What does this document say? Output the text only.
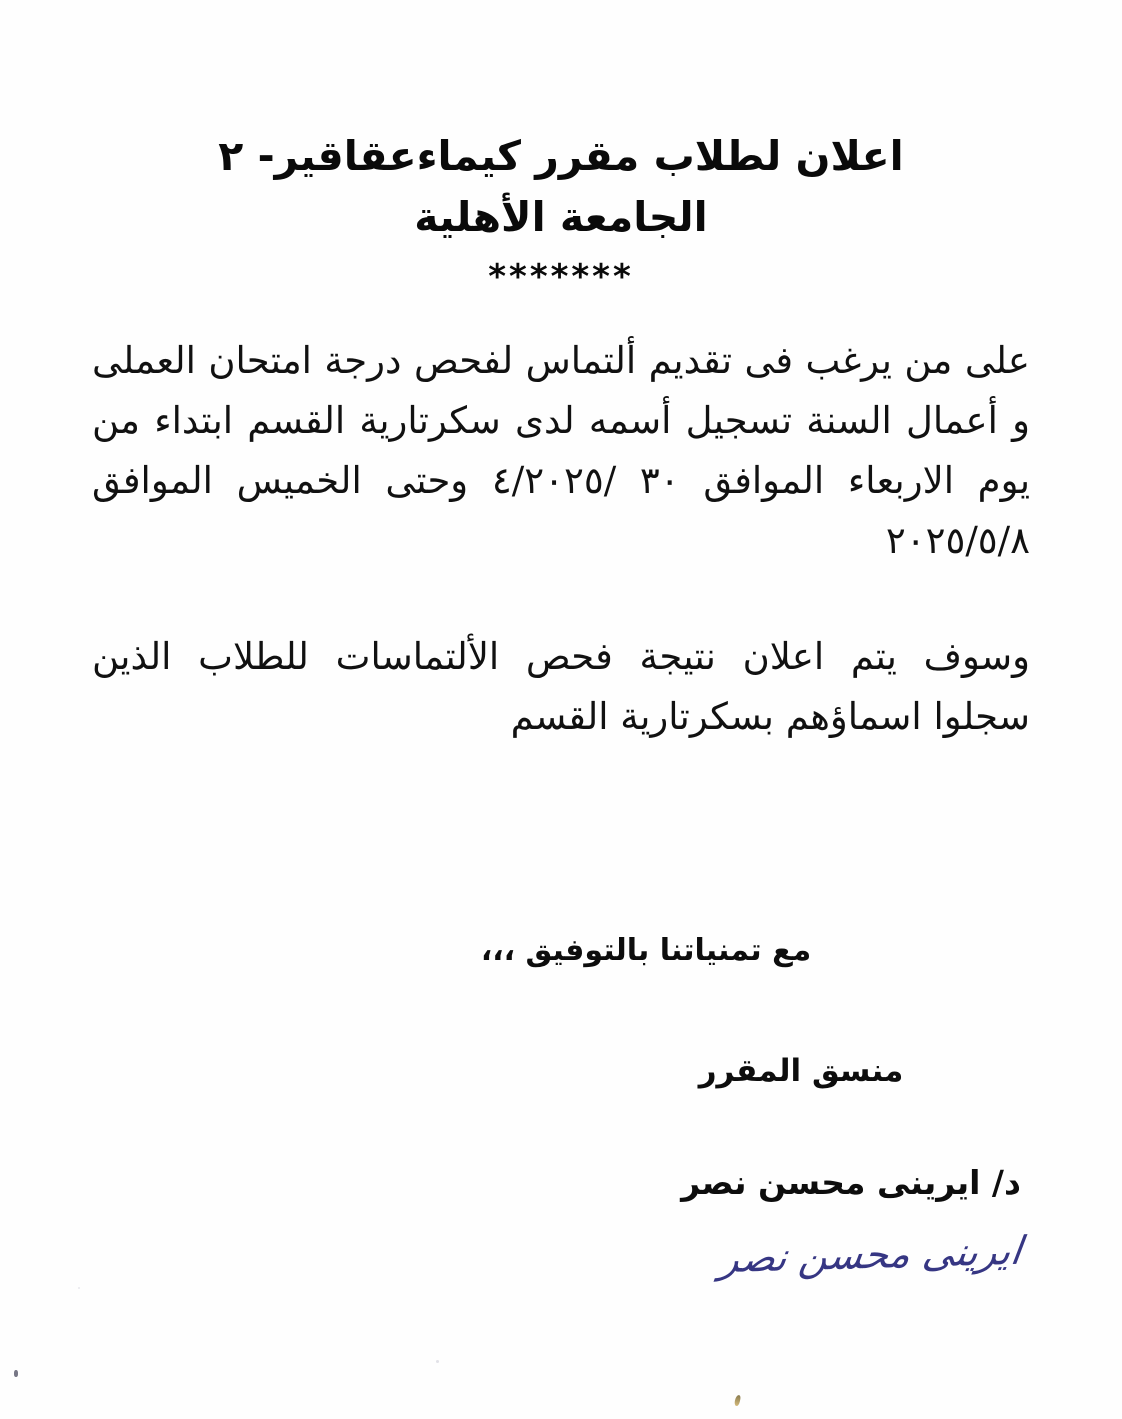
اعلان لطلاب مقرر كيماءعقاقير- ٢
الجامعة الأهلية
*******

على من يرغب فى تقديم ألتماس لفحص درجة امتحان العملى و أعمال السنة تسجيل أسمه لدى سكرتارية القسم ابتداء من يوم الاربعاء الموافق ٣٠ /٤/٢٠٢٥ وحتى الخميس الموافق ٢٠٢٥/٥/٨

وسوف يتم اعلان نتيجة فحص الألتماسات للطلاب الذين سجلوا اسماؤهم بسكرتارية القسم

مع تمنياتنا بالتوفيق ،،،
منسق المقرر
د/ ايرينى محسن نصر
ايرينى محسن نصر
